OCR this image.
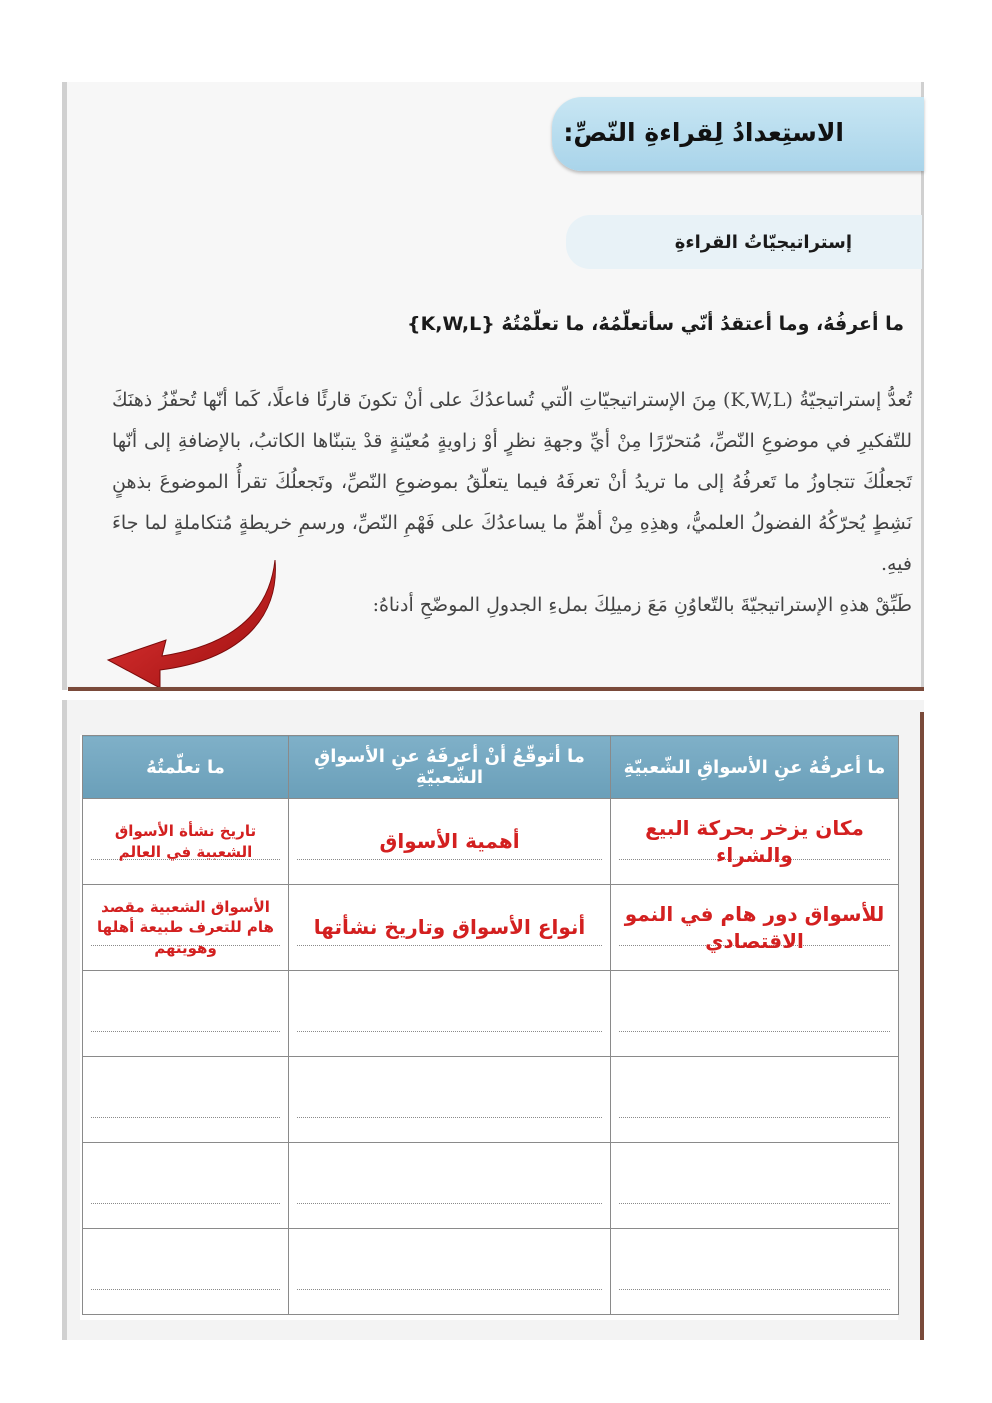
الاستِعدادُ لِقراءةِ النّصِّ:
إستراتيجيّاتُ القراءةِ
ما أعرفُهُ، وما أعتقدُ أنّي سأتعلّمُهُ، ما تعلّمْتُهُ {K,W,L}

تُعدُّ إستراتيجيّةُ (K,W,L) مِنَ الإستراتيجيّاتِ الّتي تُساعدُكَ على أنْ تكونَ قارئًا فاعلًا، كَما أنّها تُحفّزُ ذهنَكَ للتّفكيرِ في موضوعِ النّصِّ، مُتحرّرًا مِنْ أيِّ وجهةِ نظرٍ أوْ زاويةٍ مُعيّنةٍ قدْ يتبنّاها الكاتبُ، بالإضافةِ إلى أنّها تَجعلُكَ تتجاوزُ ما تَعرفُهُ إلى ما تريدُ أنْ تعرفَهُ فيما يتعلّقُ بموضوعِ النّصِّ، وتَجعلُكَ تقرأُ الموضوعَ بذهنٍ نَشِطٍ يُحرّكُهُ الفضولُ العلميُّ، وهذِهِ مِنْ أهمِّ ما يساعدُكَ على فَهْمِ النّصِّ، ورسمِ خريطةٍ مُتكاملةٍ لما جاءَ فيهِ.

طَبِّقْ هذهِ الإستراتيجيّةَ بالتّعاوُنِ مَعَ زميلِكَ بملءِ الجدولِ الموضّحِ أدناهُ:

ما أعرفُهُ عنِ الأسواقِ الشّعبيّةِ	ما أتوقّعُ أنْ أعرفَهُ عنِ الأسواقِ الشّعبيّةِ	ما تعلّمتُهُ

مكان يزخر بحركة البيع والشراء	أهمية الأسواق	تاريخ نشأة الأسواق الشعبية في العالم

للأسواق دور هام في النمو الاقتصادي	أنواع الأسواق وتاريخ نشأتها	الأسواق الشعبية مقصد هام للتعرف طبيعة أهلها وهويتهم
